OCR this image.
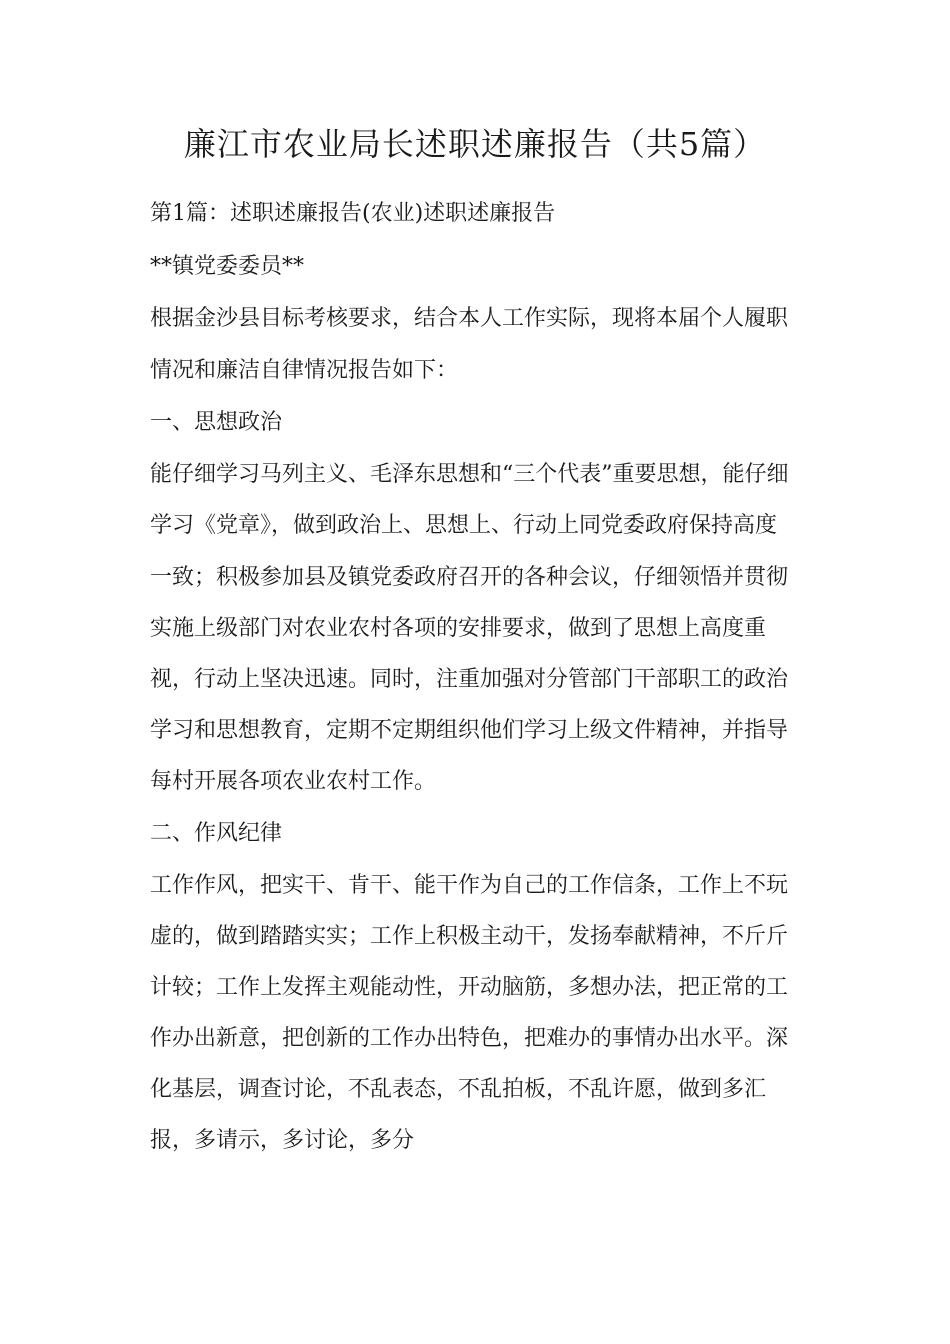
廉江市农业局长述职述廉报告（共5篇）

第1篇：述职述廉报告(农业)述职述廉报告

**镇党委委员**

根据金沙县目标考核要求，结合本人工作实际，现将本届个人履职

情况和廉洁自律情况报告如下：

一、思想政治

能仔细学习马列主义、毛泽东思想和“三个代表”重要思想，能仔细

学习《党章》，做到政治上、思想上、行动上同党委政府保持高度

一致；积极参加县及镇党委政府召开的各种会议，仔细领悟并贯彻

实施上级部门对农业农村各项的安排要求，做到了思想上高度重

视，行动上坚决迅速。同时，注重加强对分管部门干部职工的政治

学习和思想教育，定期不定期组织他们学习上级文件精神，并指导

每村开展各项农业农村工作。

二、作风纪律

工作作风，把实干、肯干、能干作为自己的工作信条，工作上不玩

虚的，做到踏踏实实；工作上积极主动干，发扬奉献精神，不斤斤

计较；工作上发挥主观能动性，开动脑筋，多想办法，把正常的工

作办出新意，把创新的工作办出特色，把难办的事情办出水平。深

化基层，调查讨论，不乱表态，不乱拍板，不乱许愿，做到多汇

报，多请示，多讨论，多分
